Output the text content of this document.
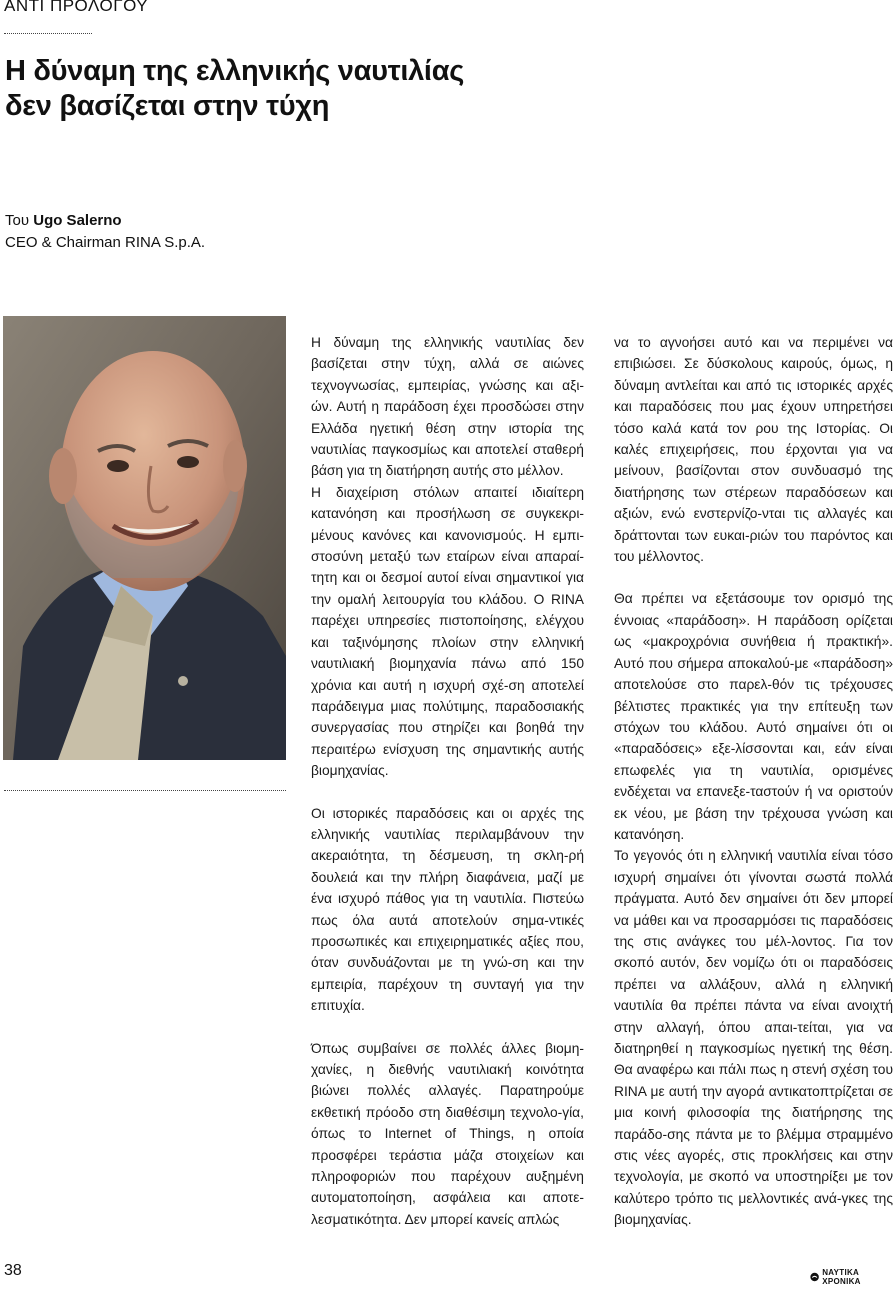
ΑΝΤΙ ΠΡΟΛΟΓΟΥ
Η δύναμη της ελληνικής ναυτιλίας
δεν βασίζεται στην τύχη
Του Ugo Salerno
CEO & Chairman RINA S.p.A.

Η δύναμη της ελληνικής ναυτιλίας δεν βασίζεται στην τύχη, αλλά σε αιώνες τεχνογνωσίας, εμπειρίας, γνώσης και αξι-ών. Αυτή η παράδοση έχει προσδώσει στην Ελλάδα ηγετική θέση στην ιστορία της ναυτιλίας παγκοσμίως και αποτελεί σταθερή βάση για τη διατήρηση αυτής στο μέλλον.

Η διαχείριση στόλων απαιτεί ιδιαίτερη κατανόηση και προσήλωση σε συγκεκρι-μένους κανόνες και κανονισμούς. Η εμπι-στοσύνη μεταξύ των εταίρων είναι απαραί-τητη και οι δεσμοί αυτοί είναι σημαντικοί για την ομαλή λειτουργία του κλάδου. Ο RINA παρέχει υπηρεσίες πιστοποίησης, ελέγχου και ταξινόμησης πλοίων στην ελληνική ναυτιλιακή βιομηχανία πάνω από 150 χρόνια και αυτή η ισχυρή σχέ-ση αποτελεί παράδειγμα μιας πολύτιμης, παραδοσιακής συνεργασίας που στηρίζει και βοηθά την περαιτέρω ενίσχυση της σημαντικής αυτής βιομηχανίας.

Οι ιστορικές παραδόσεις και οι αρχές της ελληνικής ναυτιλίας περιλαμβάνουν την ακεραιότητα, τη δέσμευση, τη σκλη-ρή δουλειά και την πλήρη διαφάνεια, μαζί με ένα ισχυρό πάθος για τη ναυτιλία. Πιστεύω πως όλα αυτά αποτελούν σημα-ντικές προσωπικές και επιχειρηματικές αξίες που, όταν συνδυάζονται με τη γνώ-ση και την εμπειρία, παρέχουν τη συνταγή για την επιτυχία.

Όπως συμβαίνει σε πολλές άλλες βιομη-χανίες, η διεθνής ναυτιλιακή κοινότητα βιώνει πολλές αλλαγές. Παρατηρούμε εκθετική πρόοδο στη διαθέσιμη τεχνολο-γία, όπως το Internet of Things, η οποία προσφέρει τεράστια μάζα στοιχείων και πληροφοριών που παρέχουν αυξημένη αυτοματοποίηση, ασφάλεια και αποτε-λεσματικότητα. Δεν μπορεί κανείς απλώς

να το αγνοήσει αυτό και να περιμένει να επιβιώσει. Σε δύσκολους καιρούς, όμως, η δύναμη αντλείται και από τις ιστορικές αρχές και παραδόσεις που μας έχουν υπηρετήσει τόσο καλά κατά τον ρου της Ιστορίας. Οι καλές επιχειρήσεις, που έρχονται για να μείνουν, βασίζονται στον συνδυασμό της διατήρησης των στέρεων παραδόσεων και αξιών, ενώ ενστερνίζο-νται τις αλλαγές και δράττονται των ευκαι-ριών του παρόντος και του μέλλοντος.

Θα πρέπει να εξετάσουμε τον ορισμό της έννοιας «παράδοση». Η παράδοση ορίζεται ως «μακροχρόνια συνήθεια ή πρακτική». Αυτό που σήμερα αποκαλού-με «παράδοση» αποτελούσε στο παρελ-θόν τις τρέχουσες βέλτιστες πρακτικές για την επίτευξη των στόχων του κλάδου. Αυτό σημαίνει ότι οι «παραδόσεις» εξε-λίσσονται και, εάν είναι επωφελές για τη ναυτιλία, ορισμένες ενδέχεται να επανεξε-ταστούν ή να οριστούν εκ νέου, με βάση την τρέχουσα γνώση και κατανόηση.

Το γεγονός ότι η ελληνική ναυτιλία είναι τόσο ισχυρή σημαίνει ότι γίνονται σωστά πολλά πράγματα. Αυτό δεν σημαίνει ότι δεν μπορεί να μάθει και να προσαρμόσει τις παραδόσεις της στις ανάγκες του μέλ-λοντος. Για τον σκοπό αυτόν, δεν νομίζω ότι οι παραδόσεις πρέπει να αλλάξουν, αλλά η ελληνική ναυτιλία θα πρέπει πάντα να είναι ανοιχτή στην αλλαγή, όπου απαι-τείται, για να διατηρηθεί η παγκοσμίως ηγετική της θέση. Θα αναφέρω και πάλι πως η στενή σχέση του RINA με αυτή την αγορά αντικατοπτρίζεται σε μια κοινή φιλοσοφία της διατήρησης της παράδο-σης πάντα με το βλέμμα στραμμένο στις νέες αγορές, στις προκλήσεις και στην τεχνολογία, με σκοπό να υποστηρίξει με τον καλύτερο τρόπο τις μελλοντικές ανά-γκες της βιομηχανίας.

38	ΝΑΥΤΙΚΑ ΧΡΟΝΙΚΑ
